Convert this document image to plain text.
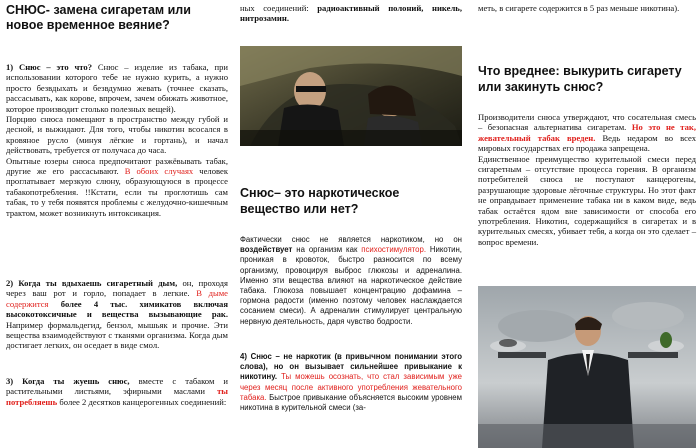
СНЮС- замена сигаретам или новое временное веяние?

1) Снюс – это что? Снюс – изделие из табака, при использовании которого тебе не нужно курить, а нужно просто безвдыхать и безвдумно жевать (точнее сказать, рассасывать, как корове, впрочем, зачем обижать животное, которое производит столько полезных вещей).

Порцию снюса помещают в пространство между губой и десной, и выжидают. Для того, чтобы никотин всосался в кровяное русло (минуя лёгкие и гортань), и начал действовать, требуется от получаса до часа.

Опытные юзеры снюса предпочитают разжёвывать табак, другие же его рассасывают. В обоих случаях человек проглатывает мерзкую слюну, образующуюся в процессе табакопотребления. !!Кстати, если ты проглотишь сам табак, то у тебя появятся проблемы с желудочно-кишечным трактом, может возникнуть интоксикация.

2) Когда ты вдыхаешь сигаретный дым, он, проходя через ваш рот и горло, попадает в легкие. В дыме содержится более 4 тыс. химикатов включая высокотоксичные и вещества вызывающие рак. Например формальдегид, бензол, мышьяк и прочие. Эти вещества взаимодействуют с тканями организма. Когда дым достигает легких, он оседает в виде смол.

3) Когда ты жуешь снюс, вместе с табаком и растительными листьями, эфирными маслами ты потребляешь более 2 десятков канцерогенных соединений:

ных соединений: радиоактивный полоний, никель, нитрозамин.

Снюс– это наркотическое вещество или нет?

Фактически снюс не является наркотиком, но он воздействует на организм как психостимулятор. Никотин, проникая в кровоток, быстро разносится по всему организму, провоцируя выброс глюкозы и адреналина. Именно эти вещества влияют на наркотическое действие табака. Глюкоза повышает концентрацию дофамина – гормона радости (именно поэтому человек наслаждается сосанием смеси). А адреналин стимулирует центральную нервную деятельность, даря чувство бодрости.

4) Снюс – не наркотик (в привычном понимании этого слова), но он вызывает сильнейшее привыкание к никотину. Ты можешь осознать, что стал зависимым уже через месяц после активного употребления жевательного табака. Быстрое привыкание объясняется высоким уровнем никотина в курительной смеси (за-

меть, в сигарете содержится в 5 раз меньше никотина).

Что вреднее: выкурить сигарету или закинуть снюс?

Производители снюса утверждают, что сосательная смесь – безопасная альтернатива сигаретам. Но это не так, жевательный табак вреден. Ведь недаром во всех мировых государствах его продажа запрещена.

Единственное преимущество курительной смеси перед сигаретным – отсутствие процесса горения. В организм потребителей снюса не поступают канцерогены, разрушающие здоровые лёгочные структуры. Но этот факт не оправдывает применение табака ни в каком виде, ведь табак остаётся ядом вне зависимости от способа его употребления. Никотин, содержащийся в сигаретах и в курительных смесях, убивает тебя, а когда он это сделает – вопрос времени.
